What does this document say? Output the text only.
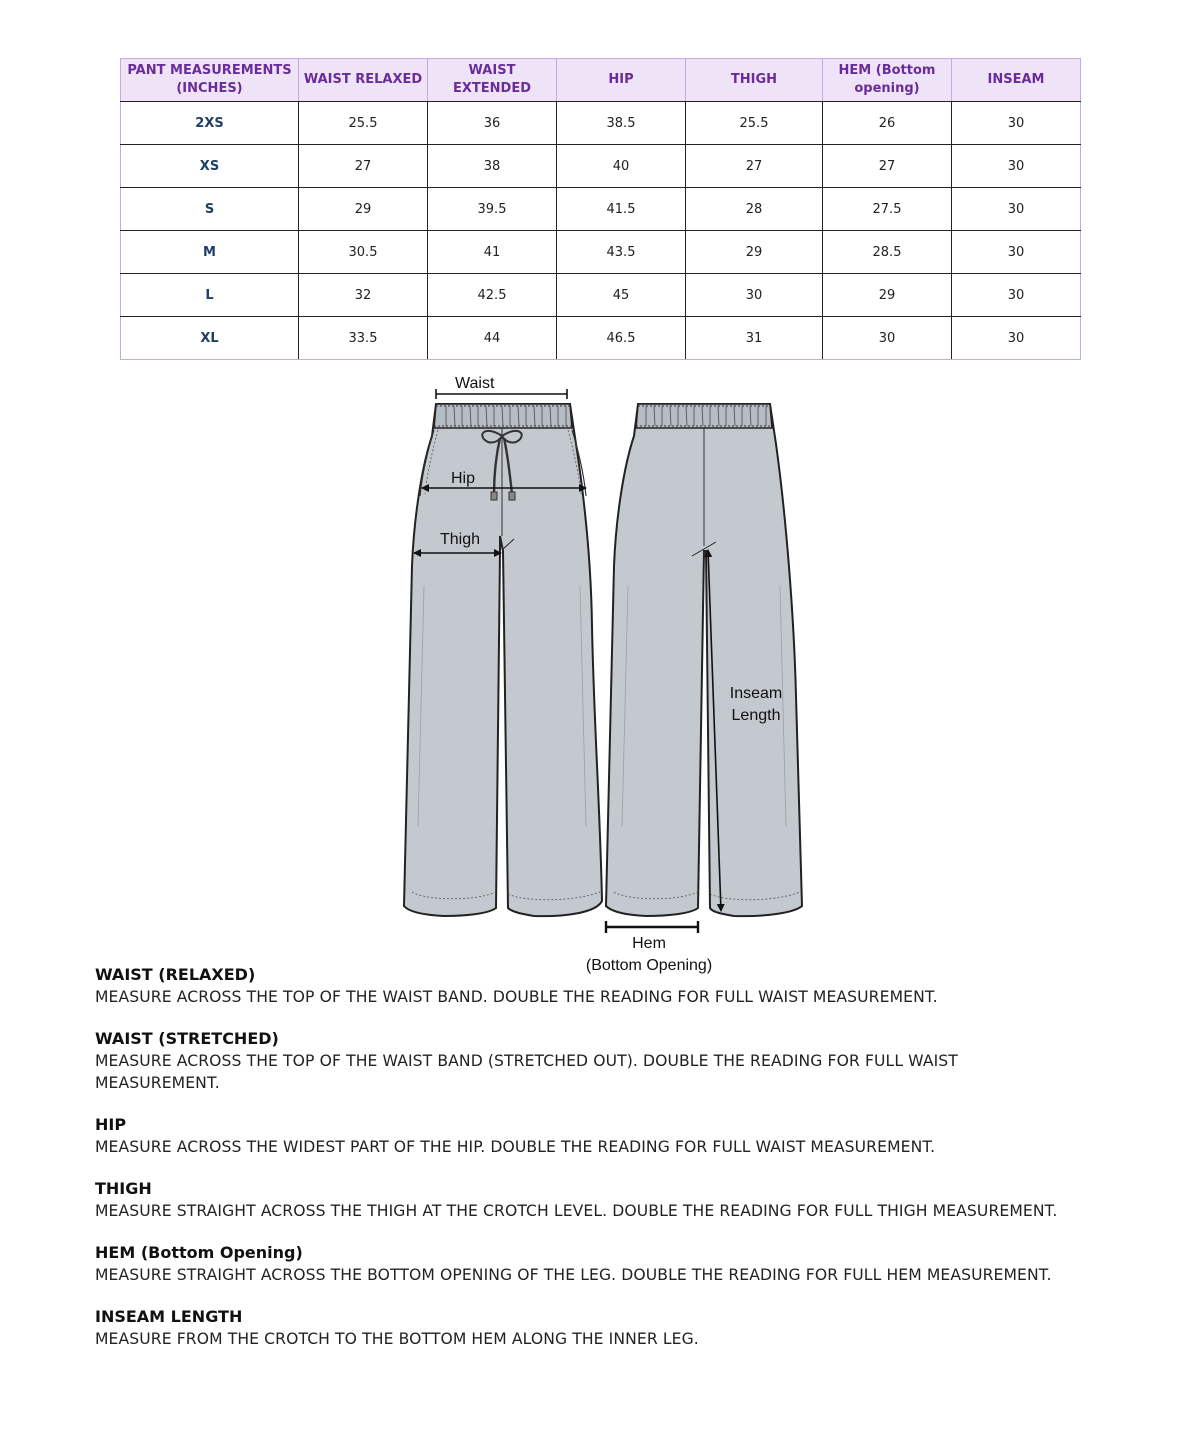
PANT MEASUREMENTS (INCHES)	WAIST RELAXED	WAIST EXTENDED	HIP	THIGH	HEM (Bottom opening)	INSEAM
2XS	25.5	36	38.5	25.5	26	30
XS	27	38	40	27	27	30
S	29	39.5	41.5	28	27.5	30
M	30.5	41	43.5	29	28.5	30
L	32	42.5	45	30	29	30
XL	33.5	44	46.5	31	30	30
Waist
Hip
Thigh
Inseam
Length
Hem
(Bottom Opening)

WAIST (RELAXED)

MEASURE ACROSS THE TOP OF THE WAIST BAND. DOUBLE THE READING FOR FULL WAIST MEASUREMENT.

WAIST (STRETCHED)

MEASURE ACROSS THE TOP OF THE WAIST BAND (STRETCHED OUT). DOUBLE THE READING FOR FULL WAIST MEASUREMENT.

HIP

MEASURE ACROSS THE WIDEST PART OF THE HIP. DOUBLE THE READING FOR FULL WAIST MEASUREMENT.

THIGH

MEASURE STRAIGHT ACROSS THE THIGH AT THE CROTCH LEVEL. DOUBLE THE READING FOR FULL THIGH MEASUREMENT.

HEM (Bottom Opening)

MEASURE STRAIGHT ACROSS THE BOTTOM OPENING OF THE LEG. DOUBLE THE READING FOR FULL HEM MEASUREMENT.

INSEAM LENGTH

MEASURE FROM THE CROTCH TO THE BOTTOM HEM ALONG THE INNER LEG.
